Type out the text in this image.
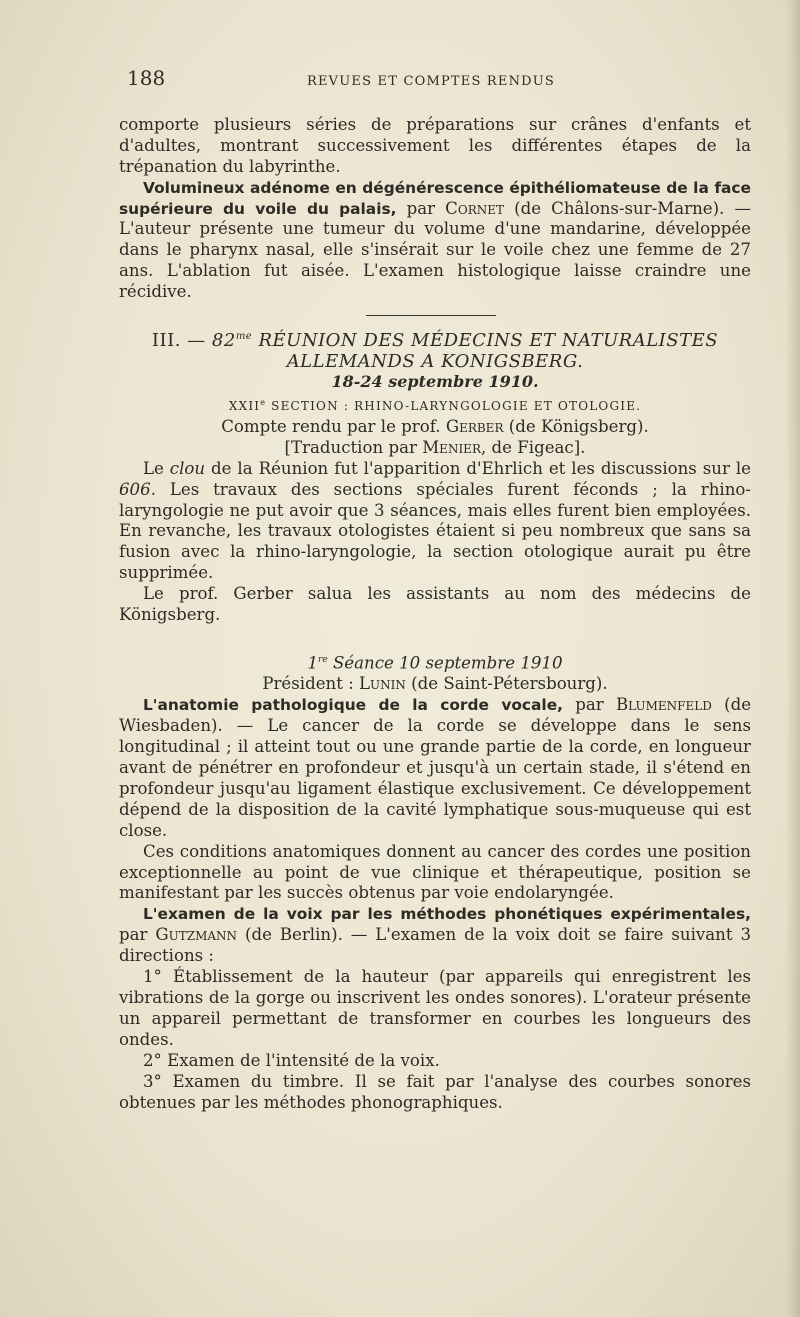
188	REVUES ET COMPTES RENDUS

comporte plusieurs séries de préparations sur crânes d'enfants et d'adultes, montrant successivement les différentes étapes de la trépanation du labyrinthe.

Volumineux adénome en dégénérescence épithéliomateuse de la face supérieure du voile du palais, par Cornet (de Châlons-sur-Marne). —L'auteur présente une tumeur du volume d'une mandarine, développée dans le pharynx nasal, elle s'insérait sur le voile chez une femme de 27 ans. L'ablation fut aisée. L'examen histologique laisse craindre une récidive.

III. — $82^{me}$ RÉUNION DES MÉDECINS ET NATURALISTES
ALLEMANDS A KONIGSBERG.
18-24 septembre 1910.
XXIIe SECTION : RHINO-LARYNGOLOGIE ET OTOLOGIE.
Compte rendu par le prof. Gerber (de Königsberg).
[Traduction par Menier, de Figeac].

Le clou de la Réunion fut l'apparition d'Ehrlich et les discussions sur le 606. Les travaux des sections spéciales furent féconds ; la rhino-laryngologie ne put avoir que 3 séances, mais elles furent bien employées. En revanche, les travaux otologistes étaient si peu nombreux que sans sa fusion avec la rhino-laryngologie, la section otologique aurait pu être supprimée.

Le prof. Gerber salua les assistants au nom des médecins de Königsberg.

1re Séance 10 septembre 1910
Président : Lunin (de Saint-Pétersbourg).

L'anatomie pathologique de la corde vocale, par Blumenfeld (de Wiesbaden). — Le cancer de la corde se développe dans le sens longitudinal ; il atteint tout ou une grande partie de la corde, en longueur avant de pénétrer en profondeur et jusqu'à un certain stade, il s'étend en profondeur jusqu'au ligament élastique exclusivement. Ce développement dépend de la disposition de la cavité lymphatique sous-muqueuse qui est close.

Ces conditions anatomiques donnent au cancer des cordes une position exceptionnelle au point de vue clinique et thérapeutique, position se manifestant par les succès obtenus par voie endolaryngée.

L'examen de la voix par les méthodes phonétiques expérimentales, par Gutzmann (de Berlin). — L'examen de la voix doit se faire suivant 3 directions :

1° Établissement de la hauteur (par appareils qui enregistrent les vibrations de la gorge ou inscrivent les ondes sonores). L'orateur présente un appareil permettant de transformer en courbes les longueurs des ondes.

2° Examen de l'intensité de la voix.

3° Examen du timbre. Il se fait par l'analyse des courbes sonores obtenues par les méthodes phonographiques.
